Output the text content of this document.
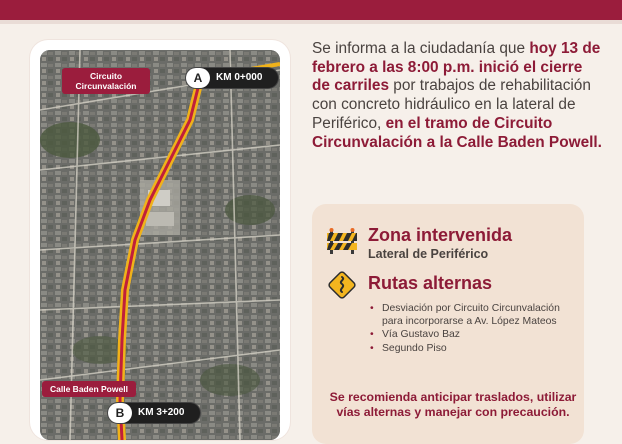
Circuito Circunvalación
A	KM 0+000
Calle Baden Powell
B	KM 3+200
Se informa a la ciudadanía que hoy 13 de febrero a las 8:00 p.m. inició el cierre de carriles por trabajos de rehabilitación con concreto hidráulico en la lateral de Periférico, en el tramo de Circuito Circunvalación a la Calle Baden Powell.
Zona intervenida
Lateral de Periférico
Rutas alternas
• Desviación por Circuito Circunvalación para incorporarse a Av. López Mateos
• Vía Gustavo Baz
• Segundo Piso
Se recomienda anticipar traslados, utilizar vías alternas y manejar con precaución.
